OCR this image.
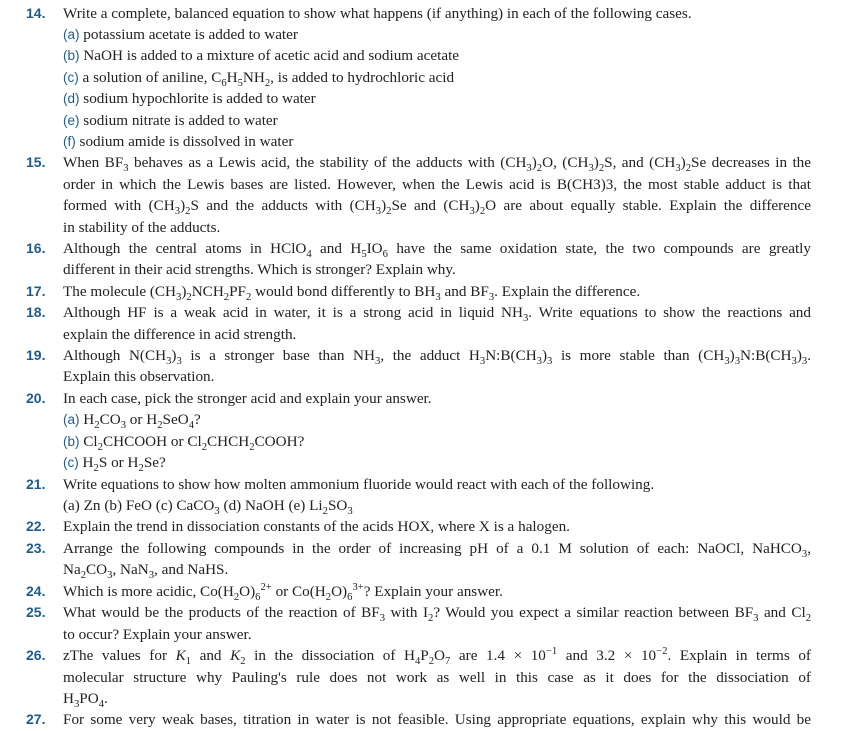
14. Write a complete, balanced equation to show what happens (if anything) in each of the following cases.
(a) potassium acetate is added to water
(b) NaOH is added to a mixture of acetic acid and sodium acetate
(c) a solution of aniline, $C_6H_5NH_2$, is added to hydrochloric acid
(d) sodium hypochlorite is added to water
(e) sodium nitrate is added to water
(f) sodium amide is dissolved in water
15. When $BF_3$ behaves as a Lewis acid, the stability of the adducts with $(CH_3)_2O$, $(CH_3)_2S$, and $(CH_3)_2Se$ decreases in the
order in which the Lewis bases are listed. However, when the Lewis acid is B(CH3)3, the most stable adduct is that
formed with $(CH_3)_2S$ and the adducts with $(CH_3)_2Se$ and $(CH_3)_2O$ are about equally stable. Explain the difference
in stability of the adducts.
16. Although the central atoms in HClO$_4$ and $H_5IO_6$ have the same oxidation state, the two compounds are greatly
different in their acid strengths. Which is stronger? Explain why.
17. The molecule $(CH_3)_2NCH_2PF_2$ would bond differently to $BH_3$ and $BF_3$. Explain the difference.
18. Although HF is a weak acid in water, it is a strong acid in liquid $NH_3$. Write equations to show the reactions and
explain the difference in acid strength.
19. Although $N(CH_3)_3$ is a stronger base than $NH_3$, the adduct $H_3N:B(CH_3)_3$ is more stable than $(CH_3)_3N:B(CH_3)_3$.
Explain this observation.
20. In each case, pick the stronger acid and explain your answer.
(a) $H_2CO_3$ or $H_2SeO_4$?
(b) $Cl_2CHCOOH$ or $Cl_2CHCH_2COOH$?
(c) $H_2S$ or $H_2Se$?
21. Write equations to show how molten ammonium fluoride would react with each of the following.
(a) Zn (b) FeO (c) CaCO$_3$ (d) NaOH (e) $Li_2SO_3$
22. Explain the trend in dissociation constants of the acids HOX, where X is a halogen.
23. Arrange the following compounds in the order of increasing pH of a 0.1 M solution of each: NaOCl, NaHCO$_3$,
$Na_2CO_3$, NaN$_3$, and NaHS.
24. Which is more acidic, $Co(H_2O)_6^{2+}$ or $Co(H_2O)_6^{3+}$? Explain your answer.
25. What would be the products of the reaction of $BF_3$ with $I_2$? Would you expect a similar reaction between $BF_3$ and $Cl_2$
to occur? Explain your answer.
26. zThe values for $K_1$ and $K_2$ in the dissociation of $H_4P_2O_7$ are $1.4 \times 10^{-1}$ and $3.2 \times 10^{-2}$. Explain in terms of
molecular structure why Pauling's rule does not work as well in this case as it does for the dissociation of
$H_3PO_4$.
27. For some very weak bases, titration in water is not feasible. Using appropriate equations, explain why this would be
